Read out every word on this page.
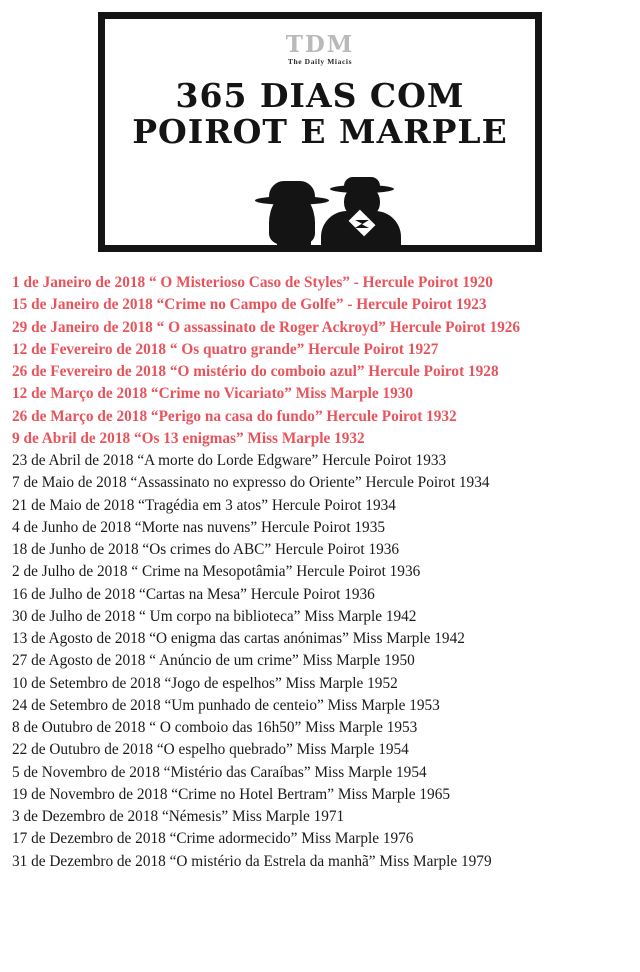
TDM
The Daily Miacis
365 DIAS COM
POIROT E MARPLE
1 de Janeiro de 2018 “ O Misterioso Caso de Styles” - Hercule Poirot 1920
15 de Janeiro de 2018 “Crime no Campo de Golfe” - Hercule Poirot 1923
29 de Janeiro de 2018 “ O assassinato de Roger Ackroyd” Hercule Poirot 1926
12 de Fevereiro de 2018 “ Os quatro grande” Hercule Poirot 1927
26 de Fevereiro de 2018 “O mistério do comboio azul” Hercule Poirot 1928
12 de Março de 2018 “Crime no Vicariato” Miss Marple 1930
26 de Março de 2018 “Perigo na casa do fundo” Hercule Poirot 1932
9 de Abril de 2018 “Os 13 enigmas” Miss Marple 1932
23 de Abril de 2018 “A morte do Lorde Edgware” Hercule Poirot 1933
7 de Maio de 2018 “Assassinato no expresso do Oriente” Hercule Poirot 1934
21 de Maio de 2018 “Tragédia em 3 atos” Hercule Poirot 1934
4 de Junho de 2018 “Morte nas nuvens” Hercule Poirot 1935
18 de Junho de 2018 “Os crimes do ABC” Hercule Poirot 1936
2 de Julho de 2018 “ Crime na Mesopotâmia” Hercule Poirot 1936
16 de Julho de 2018 “Cartas na Mesa” Hercule Poirot 1936
30 de Julho de 2018 “ Um corpo na biblioteca” Miss Marple 1942
13 de Agosto de 2018 “O enigma das cartas anónimas” Miss Marple 1942
27 de Agosto de 2018 “ Anúncio de um crime” Miss Marple 1950
10 de Setembro de 2018 “Jogo de espelhos” Miss Marple 1952
24 de Setembro de 2018 “Um punhado de centeio” Miss Marple 1953
8 de Outubro de 2018 “ O comboio das 16h50” Miss Marple 1953
22 de Outubro de 2018 “O espelho quebrado” Miss Marple 1954
5 de Novembro de 2018 “Mistério das Caraíbas” Miss Marple 1954
19 de Novembro de 2018 “Crime no Hotel Bertram” Miss Marple 1965
3 de Dezembro de 2018 “Némesis” Miss Marple 1971
17 de Dezembro de 2018 “Crime adormecido” Miss Marple 1976
31 de Dezembro de 2018 “O mistério da Estrela da manhã” Miss Marple 1979
